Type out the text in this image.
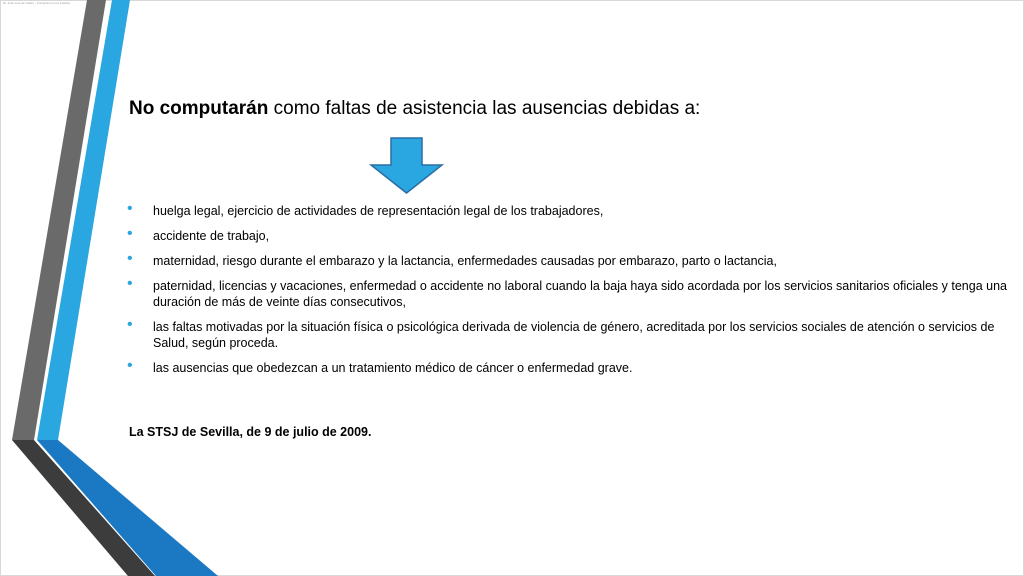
Dr. Jose Luis de Castro - Corrupcion en la Justicia
No computarán como faltas de asistencia las ausencias debidas a:
• huelga legal, ejercicio de actividades de representación legal de los trabajadores,
• accidente de trabajo,
• maternidad, riesgo durante el embarazo y la lactancia, enfermedades causadas por embarazo, parto o lactancia,
• paternidad, licencias y vacaciones, enfermedad o accidente no laboral cuando la baja haya sido acordada por los servicios sanitarios oficiales y tenga una duración de más de veinte días consecutivos,
• las faltas motivadas por la situación física o psicológica derivada de violencia de género, acreditada por los servicios sociales de atención o servicios de Salud, según proceda.
• las ausencias que obedezcan a un tratamiento médico de cáncer o enfermedad grave.
La STSJ de Sevilla, de 9 de julio de 2009.
